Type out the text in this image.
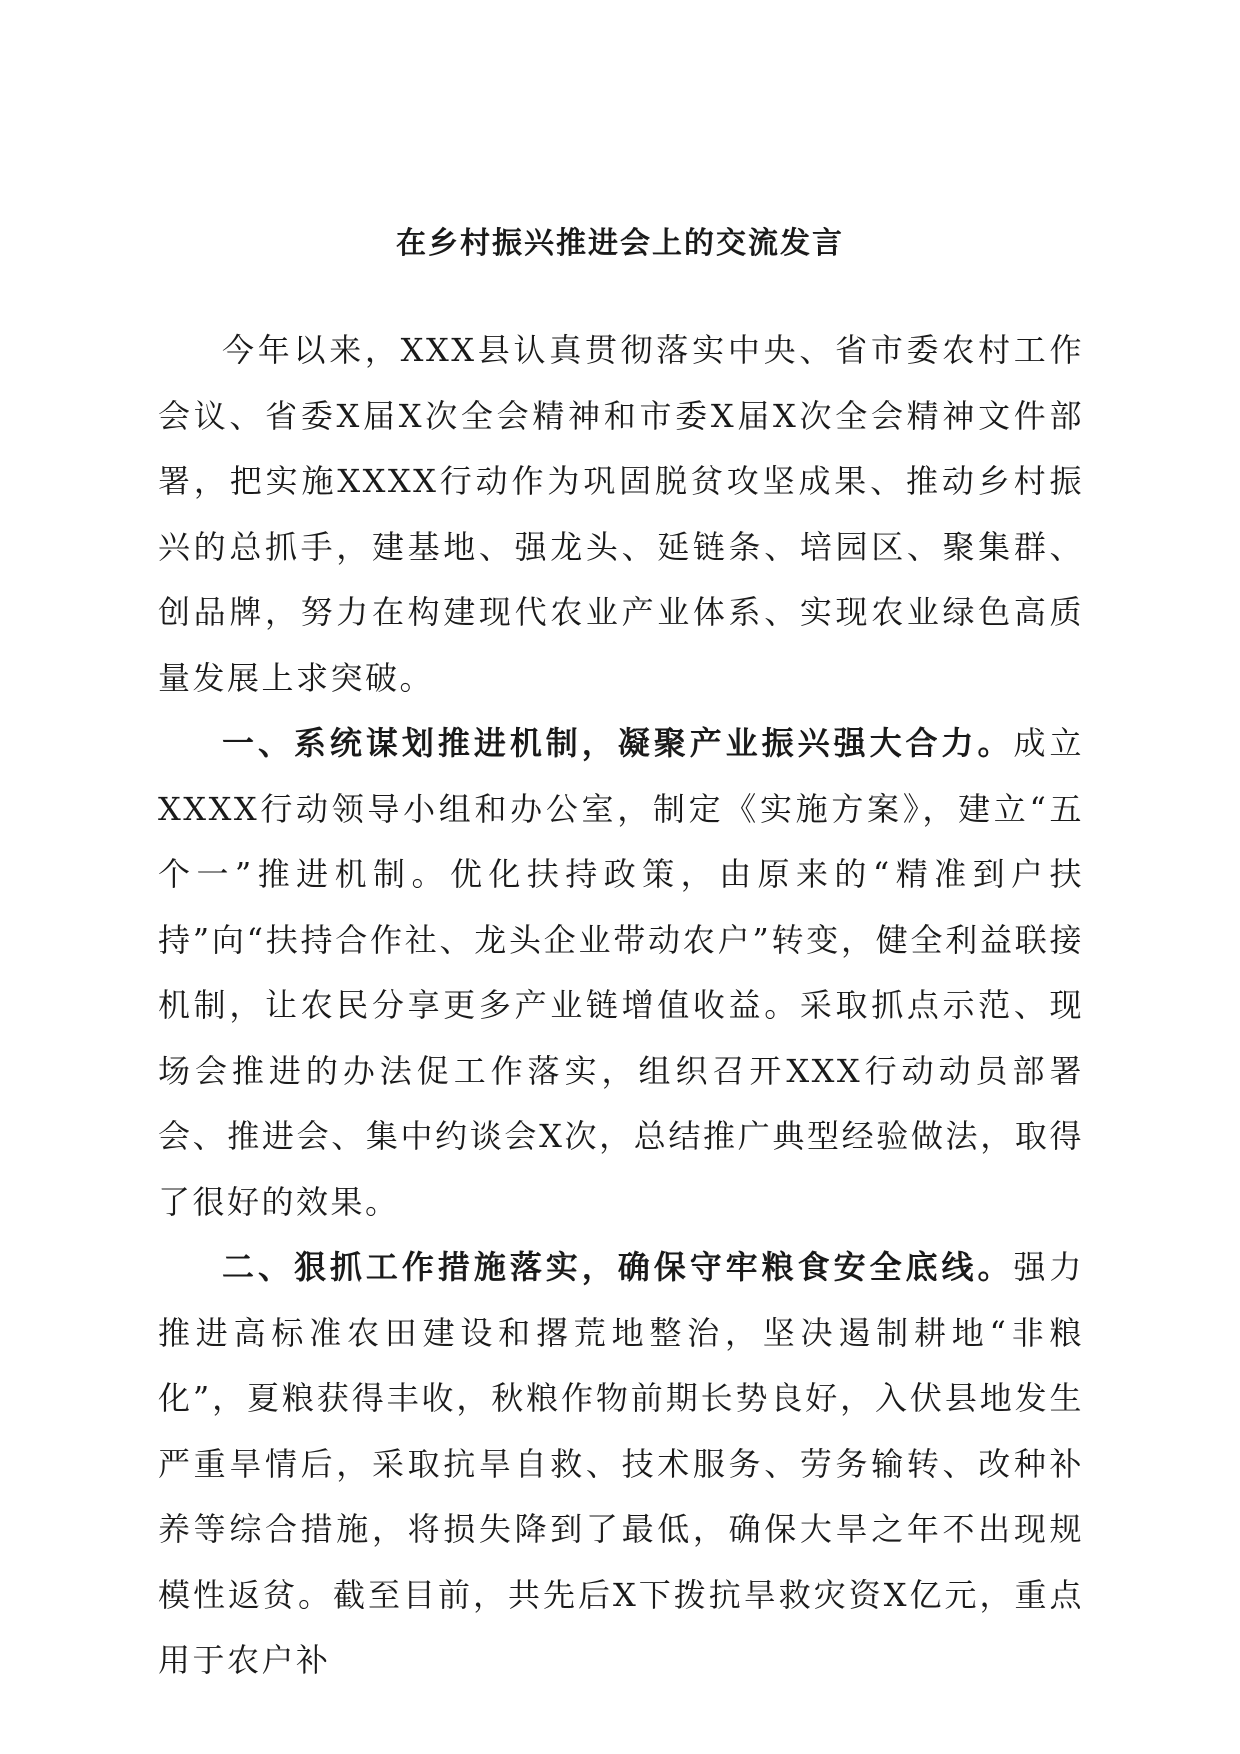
在乡村振兴推进会上的交流发言

今年以来，XXX县认真贯彻落实中央、省市委农村工作会议、省委X届X次全会精神和市委X届X次全会精神文件部署，把实施XXXX行动作为巩固脱贫攻坚成果、推动乡村振兴的总抓手，建基地、强龙头、延链条、培园区、聚集群、创品牌，努力在构建现代农业产业体系、实现农业绿色高质量发展上求突破。

一、系统谋划推进机制，凝聚产业振兴强大合力。成立XXXX行动领导小组和办公室，制定《实施方案》，建立“五个一”推进机制。优化扶持政策，由原来的“精准到户扶持”向“扶持合作社、龙头企业带动农户”转变，健全利益联接机制，让农民分享更多产业链增值收益。采取抓点示范、现场会推进的办法促工作落实，组织召开XXX行动动员部署会、推进会、集中约谈会X次，总结推广典型经验做法，取得了很好的效果。

二、狠抓工作措施落实，确保守牢粮食安全底线。强力推进高标准农田建设和撂荒地整治，坚决遏制耕地“非粮化”，夏粮获得丰收，秋粮作物前期长势良好，入伏县地发生严重旱情后，采取抗旱自救、技术服务、劳务输转、改种补养等综合措施，将损失降到了最低，确保大旱之年不出现规模性返贫。截至目前，共先后X下拨抗旱救灾资X亿元，重点用于农户补
